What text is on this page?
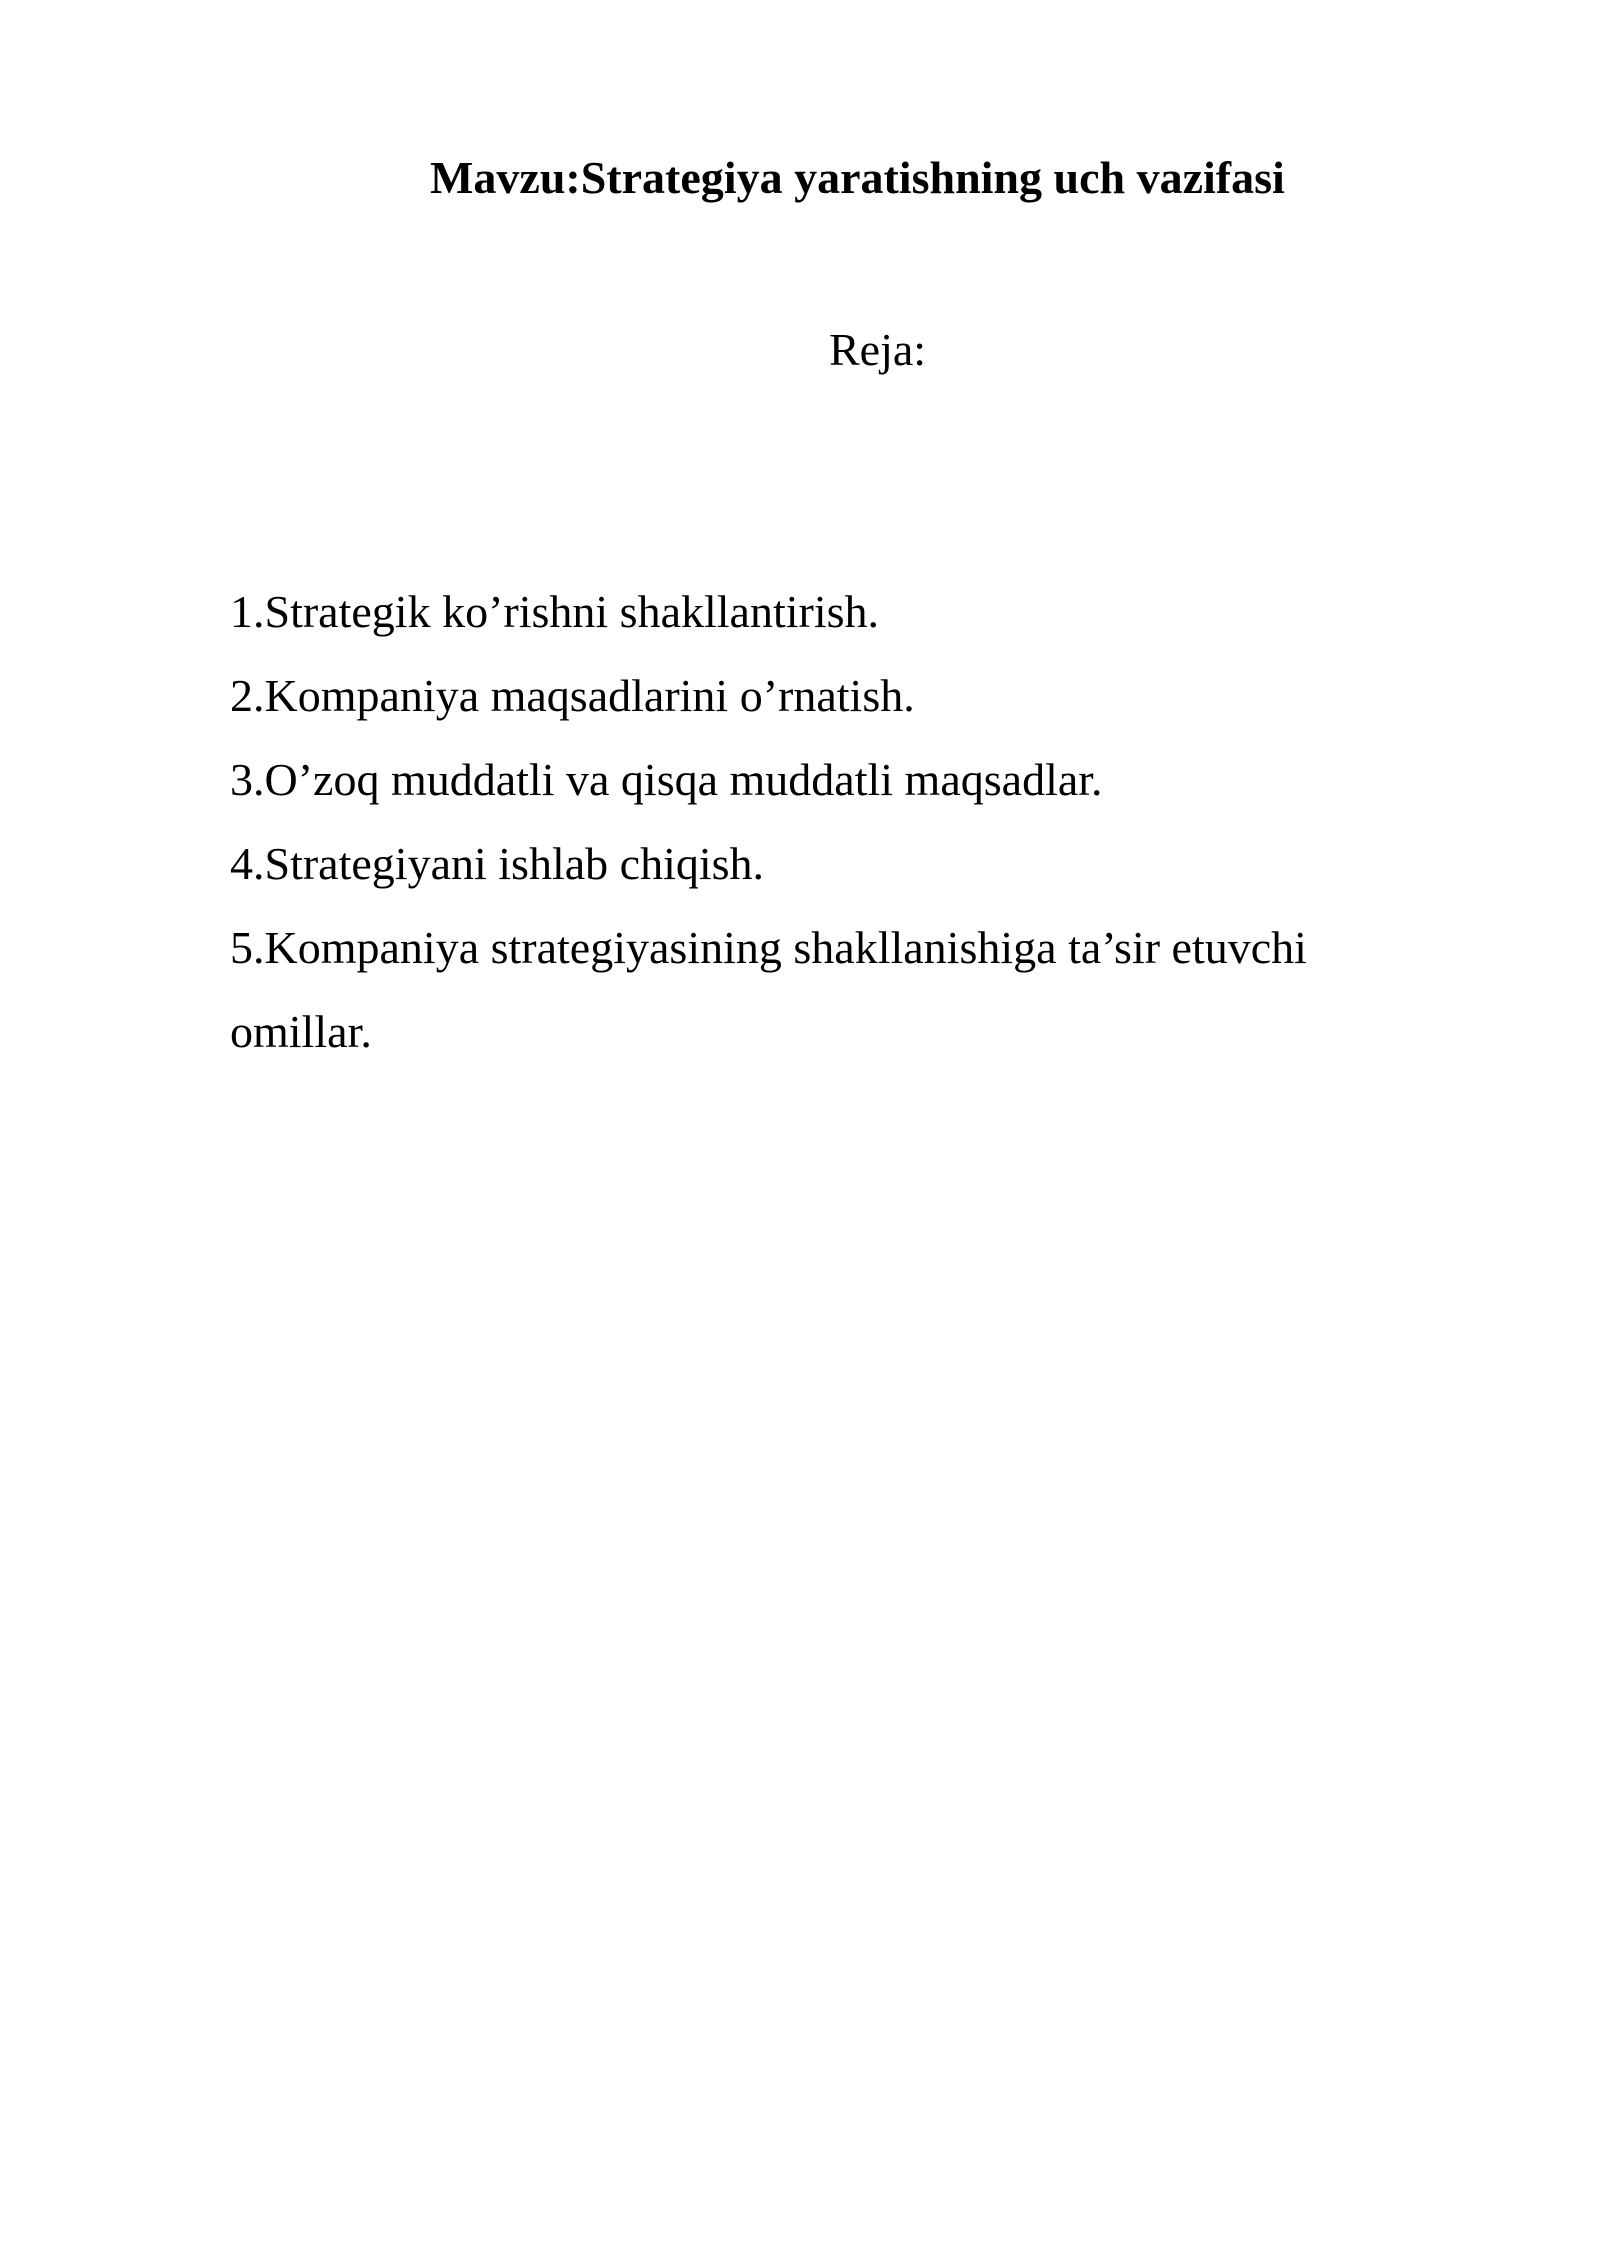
Mavzu:Strategiya yaratishning uch vazifasi
Reja:
1.Strategik ko’rishni shakllantirish.
2.Kompaniya maqsadlarini o’rnatish.
3.O’zoq muddatli va qisqa muddatli maqsadlar.
4.Strategiyani ishlab chiqish.
5.Kompaniya strategiyasining shakllanishiga ta’sir etuvchi omillar.
